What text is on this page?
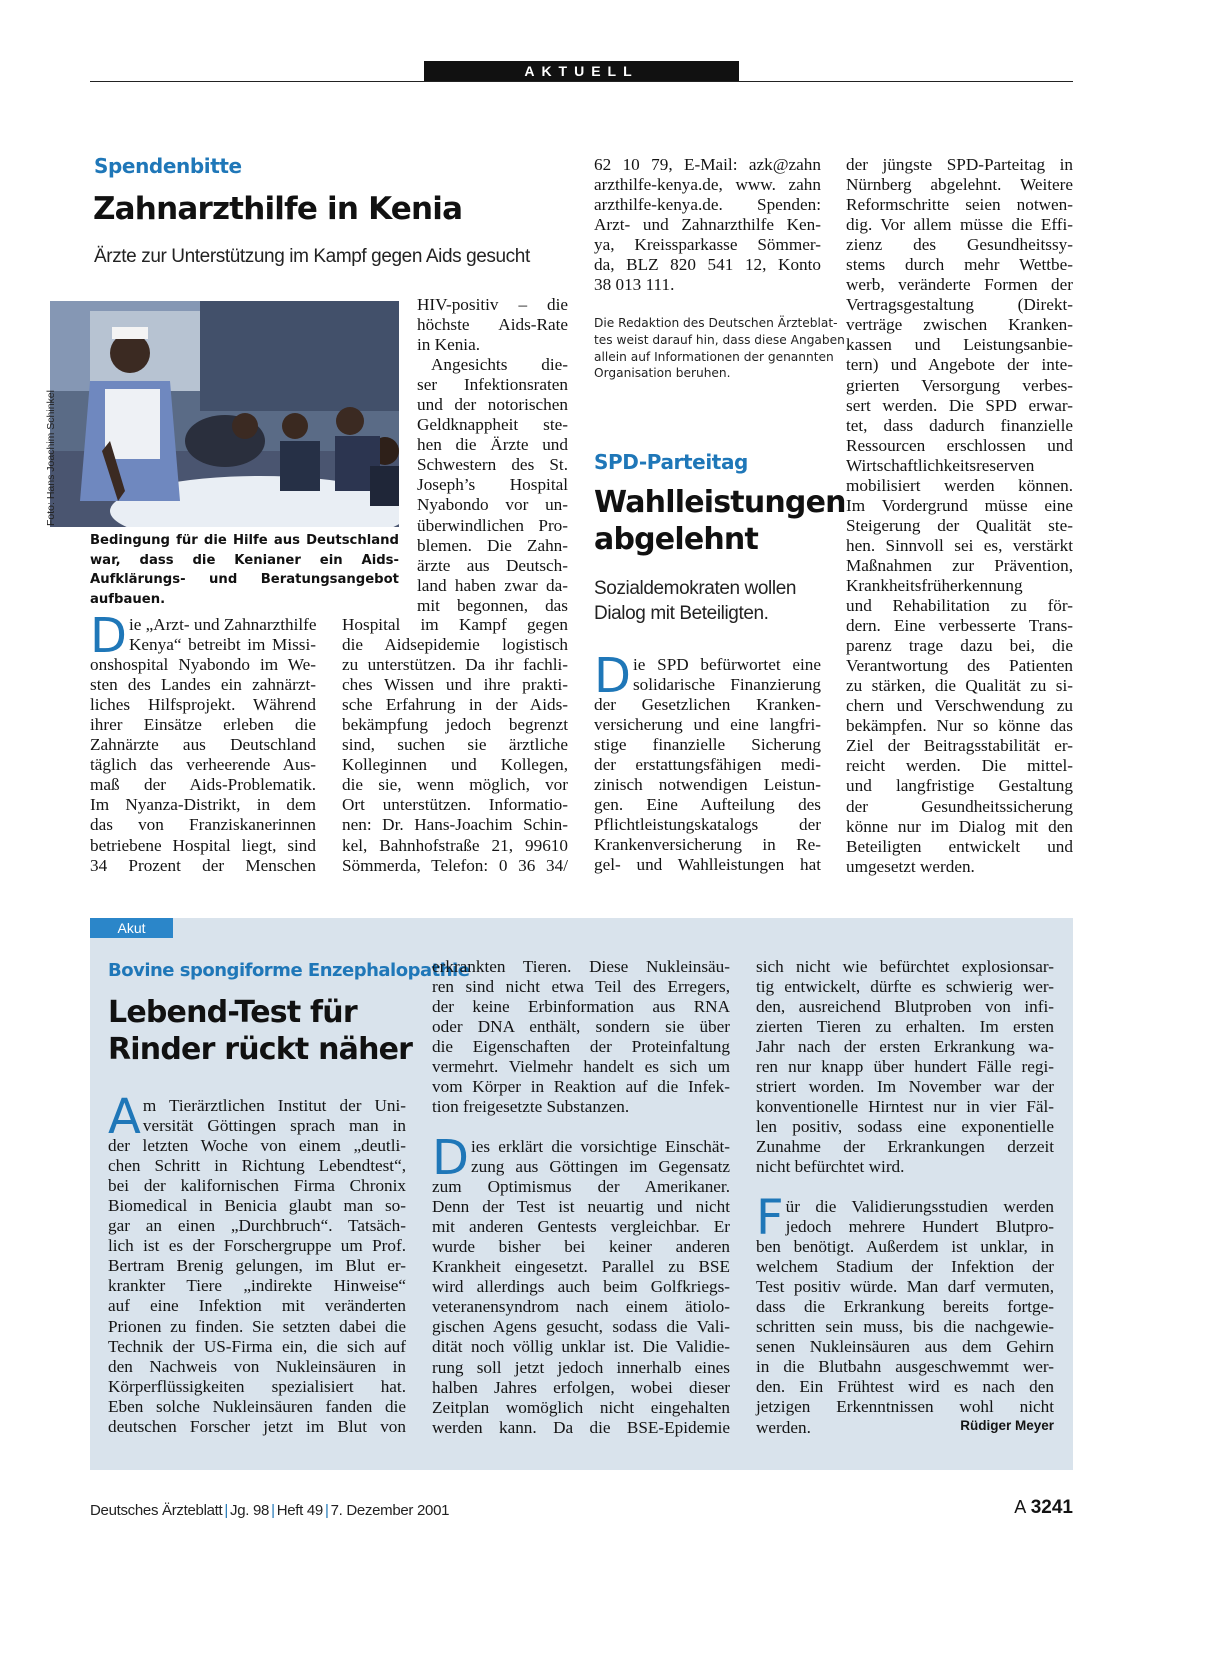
AKTUELL
Spendenbitte
Zahnarzthilfe in Kenia
Ärzte zur Unterstützung im Kampf gegen Aids gesucht
Foto: Hans Joachim Schinkel
Bedingung für die Hilfe aus Deutschland war, dass die Kenianer ein Aids-Aufklärungs- und Beratungsangebot aufbauen.
D ie „Arzt- und Zahnarzthilfe

Kenya“ betreibt im Missi-

onshospital Nyabondo im We-

sten des Landes ein zahnärzt-

liches Hilfsprojekt. Während

ihrer Einsätze erleben die

Zahnärzte aus Deutschland

täglich das verheerende Aus-

maß der Aids-Problematik.

Im Nyanza-Distrikt, in dem

das von Franziskanerinnen

betriebene Hospital liegt, sind

34 Prozent der Menschen

HIV-positiv – die

höchste Aids-Rate

in Kenia.

Angesichts die-

ser Infektionsraten

und der notorischen

Geldknappheit ste-

hen die Ärzte und

Schwestern des St.

Joseph’s Hospital

Nyabondo vor un-

überwindlichen Pro-

blemen. Die Zahn-

ärzte aus Deutsch-

land haben zwar da-

mit begonnen, das

Hospital im Kampf gegen

die Aidsepidemie logistisch

zu unterstützen. Da ihr fachli-

ches Wissen und ihre prakti-

sche Erfahrung in der Aids-

bekämpfung jedoch begrenzt

sind, suchen sie ärztliche

Kolleginnen und Kollegen,

die sie, wenn möglich, vor

Ort unterstützen. Informatio-

nen: Dr. Hans-Joachim Schin-

kel, Bahnhofstraße 21, 99610

Sömmerda, Telefon: 0 36 34/

62 10 79, E-Mail: azk@zahn

arzthilfe-kenya.de, www. zahn

arzthilfe-kenya.de. Spenden:

Arzt- und Zahnarzthilfe Ken-

ya, Kreissparkasse Sömmer-

da, BLZ 820 541 12, Konto

38 013 111.

Die Redaktion des Deutschen Ärzteblat-

tes weist darauf hin, dass diese Angaben

allein auf Informationen der genannten

Organisation beruhen.

SPD-Parteitag
Wahlleistungen
abgelehnt
Sozialdemokraten wollen
Dialog mit Beteiligten.
D ie SPD befürwortet eine

solidarische Finanzierung

der Gesetzlichen Kranken-

versicherung und eine langfri-

stige finanzielle Sicherung

der erstattungsfähigen medi-

zinisch notwendigen Leistun-

gen. Eine Aufteilung des

Pflichtleistungskatalogs der

Krankenversicherung in Re-

gel- und Wahlleistungen hat

der jüngste SPD-Parteitag in

Nürnberg abgelehnt. Weitere

Reformschritte seien notwen-

dig. Vor allem müsse die Effi-

zienz des Gesundheitssy-

stems durch mehr Wettbe-

werb, veränderte Formen der

Vertragsgestaltung (Direkt-

verträge zwischen Kranken-

kassen und Leistungsanbie-

tern) und Angebote der inte-

grierten Versorgung verbes-

sert werden. Die SPD erwar-

tet, dass dadurch finanzielle

Ressourcen erschlossen und

Wirtschaftlichkeitsreserven

mobilisiert werden können.

Im Vordergrund müsse eine

Steigerung der Qualität ste-

hen. Sinnvoll sei es, verstärkt

Maßnahmen zur Prävention,

Krankheitsfrüherkennung

und Rehabilitation zu för-

dern. Eine verbesserte Trans-

parenz trage dazu bei, die

Verantwortung des Patienten

zu stärken, die Qualität zu si-

chern und Verschwendung zu

bekämpfen. Nur so könne das

Ziel der Beitragsstabilität er-

reicht werden. Die mittel-

und langfristige Gestaltung

der Gesundheitssicherung

könne nur im Dialog mit den

Beteiligten entwickelt und

umgesetzt werden.

Akut
Bovine spongiforme Enzephalopathie
Lebend-Test für
Rinder rückt näher
A m Tierärztlichen Institut der Uni-

versität Göttingen sprach man in

der letzten Woche von einem „deutli-

chen Schritt in Richtung Lebendtest“,

bei der kalifornischen Firma Chronix

Biomedical in Benicia glaubt man so-

gar an einen „Durchbruch“. Tatsäch-

lich ist es der Forschergruppe um Prof.

Bertram Brenig gelungen, im Blut er-

krankter Tiere „indirekte Hinweise“

auf eine Infektion mit veränderten

Prionen zu finden. Sie setzten dabei die

Technik der US-Firma ein, die sich auf

den Nachweis von Nukleinsäuren in

Körperflüssigkeiten spezialisiert hat.

Eben solche Nukleinsäuren fanden die

deutschen Forscher jetzt im Blut von

erkrankten Tieren. Diese Nukleinsäu-

ren sind nicht etwa Teil des Erregers,

der keine Erbinformation aus RNA

oder DNA enthält, sondern sie über

die Eigenschaften der Proteinfaltung

vermehrt. Vielmehr handelt es sich um

vom Körper in Reaktion auf die Infek-

tion freigesetzte Substanzen.

D ies erklärt die vorsichtige Einschät-

zung aus Göttingen im Gegensatz

zum Optimismus der Amerikaner.

Denn der Test ist neuartig und nicht

mit anderen Gentests vergleichbar. Er

wurde bisher bei keiner anderen

Krankheit eingesetzt. Parallel zu BSE

wird allerdings auch beim Golfkriegs-

veteranensyndrom nach einem ätiolo-

gischen Agens gesucht, sodass die Vali-

dität noch völlig unklar ist. Die Validie-

rung soll jetzt jedoch innerhalb eines

halben Jahres erfolgen, wobei dieser

Zeitplan womöglich nicht eingehalten

werden kann. Da die BSE-Epidemie

sich nicht wie befürchtet explosionsar-

tig entwickelt, dürfte es schwierig wer-

den, ausreichend Blutproben von infi-

zierten Tieren zu erhalten. Im ersten

Jahr nach der ersten Erkrankung wa-

ren nur knapp über hundert Fälle regi-

striert worden. Im November war der

konventionelle Hirntest nur in vier Fäl-

len positiv, sodass eine exponentielle

Zunahme der Erkrankungen derzeit

nicht befürchtet wird.

F ür die Validierungsstudien werden

jedoch mehrere Hundert Blutpro-

ben benötigt. Außerdem ist unklar, in

welchem Stadium der Infektion der

Test positiv würde. Man darf vermuten,

dass die Erkrankung bereits fortge-

schritten sein muss, bis die nachgewie-

senen Nukleinsäuren aus dem Gehirn

in die Blutbahn ausgeschwemmt wer-

den. Ein Frühtest wird es nach den

jetzigen Erkenntnissen wohl nicht

werden.	Rüdiger Meyer
Deutsches Ärzteblatt | Jg. 98 | Heft 49 | 7. Dezember 2001	A 3241
